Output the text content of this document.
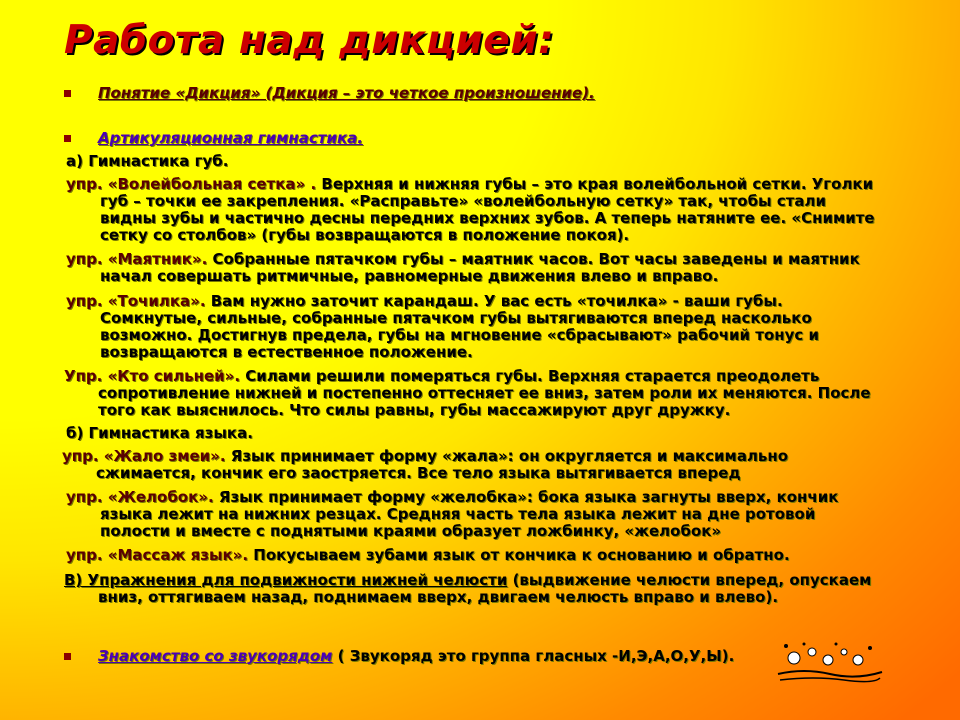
Работа над дикцией:
Понятие «Дикция» (Дикция – это четкое произношение).
Артикуляционная гимнастика.
а) Гимнастика губ.
упр. «Волейбольная сетка» . Верхняя и нижняя губы – это края волейбольной сетки. Уголки губ – точки ее закрепления. «Расправьте» «волейбольную сетку» так, чтобы стали видны зубы и частично десны передних верхних зубов. А теперь натяните ее. «Снимите сетку со столбов» (губы возвращаются в положение покоя).
упр. «Маятник». Собранные пятачком губы – маятник часов. Вот часы заведены и маятник начал совершать ритмичные, равномерные движения влево и вправо.
упр. «Точилка». Вам нужно заточит карандаш. У вас есть «точилка» - ваши губы. Сомкнутые, сильные, собранные пятачком губы вытягиваются вперед насколько возможно. Достигнув предела, губы на мгновение «сбрасывают» рабочий тонус и возвращаются в естественное положение.
Упр. «Кто сильней». Силами решили померяться губы. Верхняя старается преодолеть сопротивление нижней и постепенно оттесняет ее вниз, затем роли их меняются. После того как выяснилось. Что силы равны, губы массажируют друг дружку.
б) Гимнастика языка.
упр. «Жало змеи». Язык принимает форму «жала»: он округляется и максимально сжимается, кончик его заостряется. Все тело языка вытягивается вперед
упр. «Желобок». Язык принимает форму «желобка»: бока языка загнуты вверх, кончик языка лежит на нижних резцах. Средняя часть тела языка лежит на дне ротовой полости и вместе с поднятыми краями образует ложбинку, «желобок»
упр. «Массаж язык». Покусываем зубами язык от кончика к основанию и обратно.
В) Упражнения для подвижности нижней челюсти (выдвижение челюсти вперед, опускаем вниз, оттягиваем назад, поднимаем вверх, двигаем челюсть вправо и влево).
Знакомство со звукорядом ( Звукоряд это группа гласных -И,Э,А,О,У,Ы).
